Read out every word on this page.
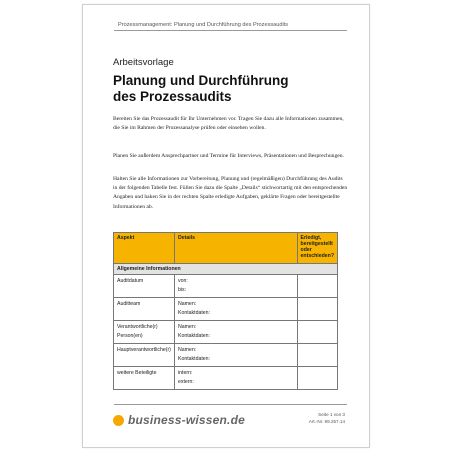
Prozessmanagement: Planung und Durchführung des Prozessaudits
Arbeitsvorlage
Planung und Durchführung
des Prozessaudits
Bereiten Sie das Prozessaudit für Ihr Unternehmen vor. Tragen Sie dazu alle Informationen zusammen, die Sie im Rahmen der Prozessanalyse prüfen oder einsehen wollen.
Planen Sie außerdem Ansprechpartner und Termine für Interviews, Präsentationen und Besprechungen.
Halten Sie alle Informationen zur Vorbereitung, Planung und (regelmäßigen) Durchführung des Audits in der folgenden Tabelle fest. Füllen Sie dazu die Spalte „Details“ stichwortartig mit den entsprechenden Angaben und haken Sie in der rechten Spalte erledigte Aufgaben, geklärte Fragen oder bereitgestellte Informationen ab.
Aspekt	Details	Erledigt, bereitgestellt oder entschieden?
Allgemeine Informationen		
Auditdatum	von:
bis:	

Auditteam	Namen:
Kontaktdaten:	

Verantwortliche(r) Person(en)	Namen:
Kontaktdaten:	

Hauptverantwortliche(r)	Namen:
Kontaktdaten:	

weitere Beteiligte	intern:
extern:	

business-wissen.de	Seite 1 von 3
Art.-Nr. 99.257.14
